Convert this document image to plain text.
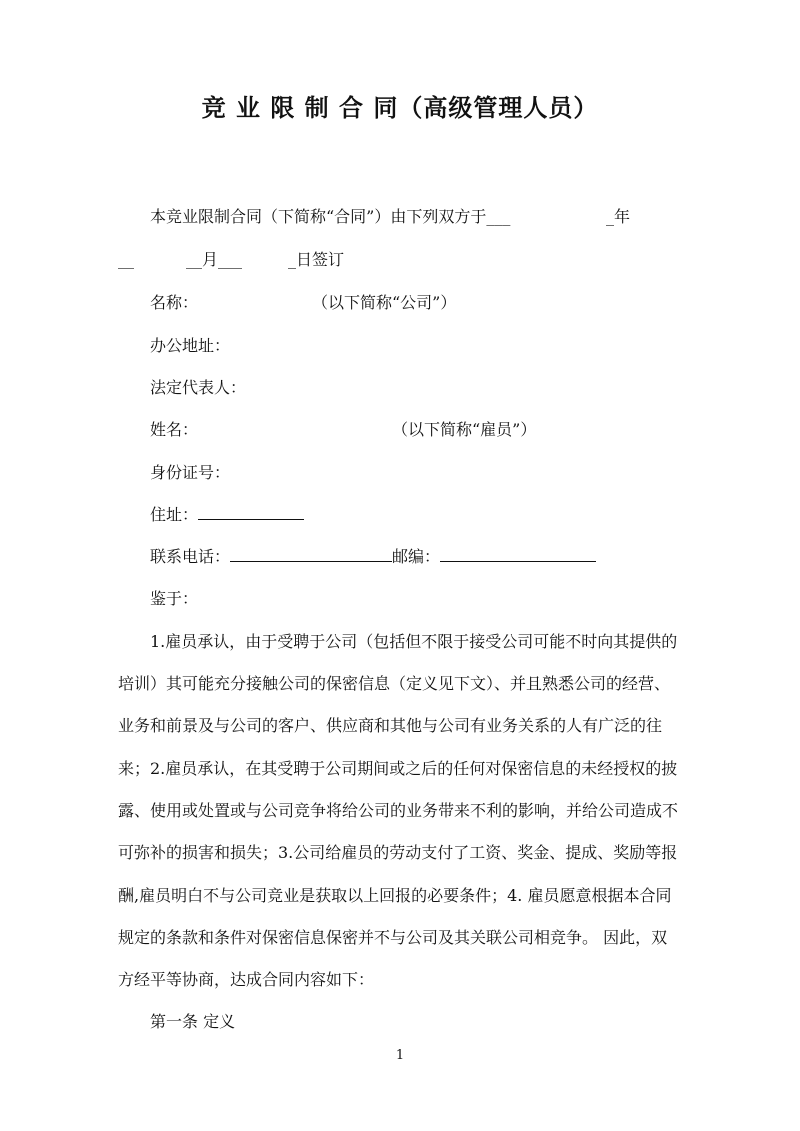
竞 业 限 制 合 同（高级管理人员）
本竞业限制合同（下简称“合同”）由下列双方于___	_年
__	__月___	_日签订
名称：	（以下简称“公司”）
办公地址：
法定代表人：
姓名：	（以下简称“雇员”）
身份证号：
住址：
联系电话：	邮编：
鉴于：
1.雇员承认，由于受聘于公司（包括但不限于接受公司可能不时向其提供的
培训）其可能充分接触公司的保密信息（定义见下文）、并且熟悉公司的经营、
业务和前景及与公司的客户、供应商和其他与公司有业务关系的人有广泛的往
来；2.雇员承认，在其受聘于公司期间或之后的任何对保密信息的未经授权的披
露、使用或处置或与公司竞争将给公司的业务带来不利的影响，并给公司造成不
可弥补的损害和损失；3.公司给雇员的劳动支付了工资、奖金、提成、奖励等报
酬,雇员明白不与公司竞业是获取以上回报的必要条件；4. 雇员愿意根据本合同
规定的条款和条件对保密信息保密并不与公司及其关联公司相竞争。 因此，双
方经平等协商，达成合同内容如下：
第一条 定义
1
